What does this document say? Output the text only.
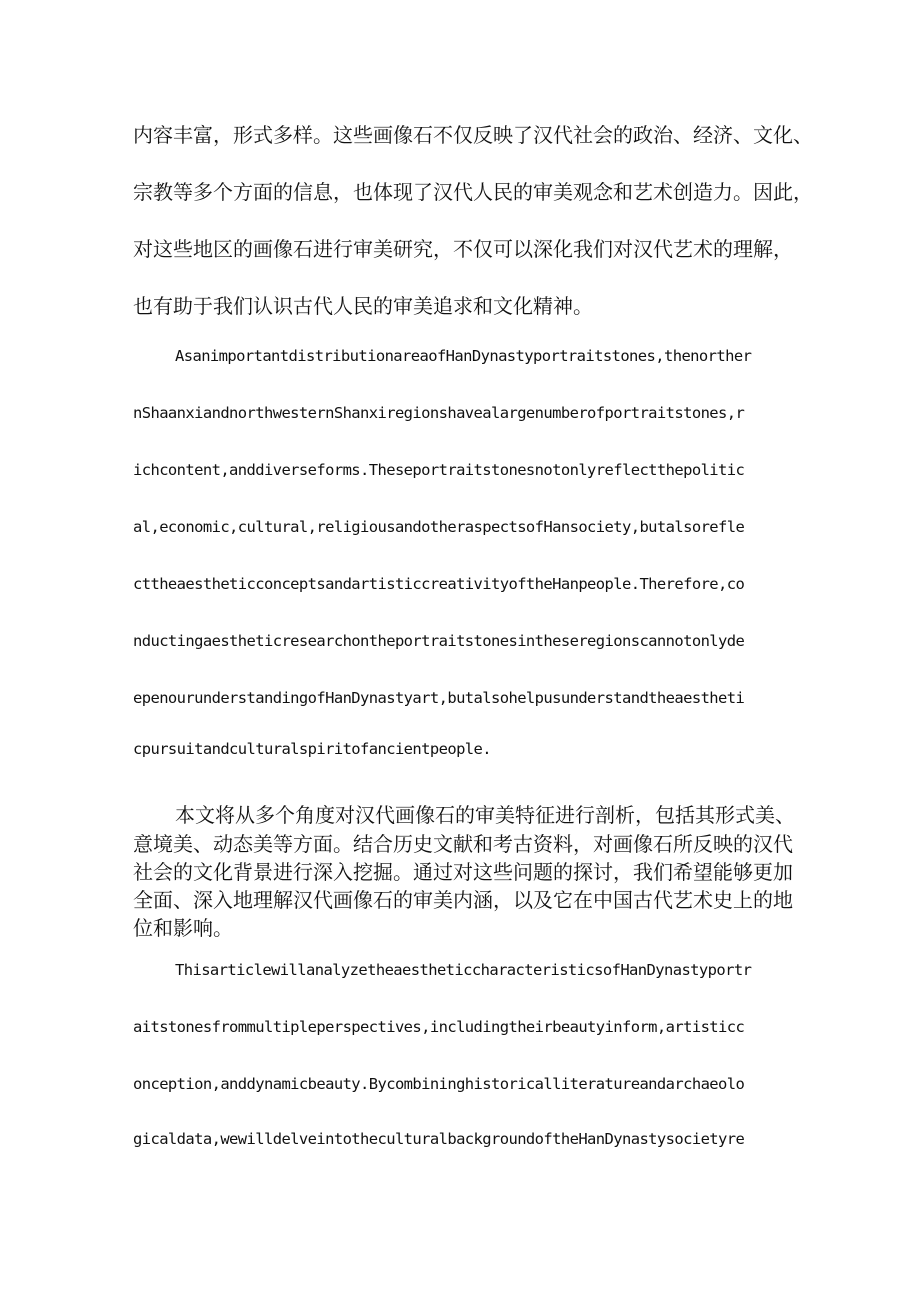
内容丰富，形式多样。这些画像石不仅反映了汉代社会的政治、经济、文化、
宗教等多个方面的信息，也体现了汉代人民的审美观念和艺术创造力。因此，
对这些地区的画像石进行审美研究，不仅可以深化我们对汉代艺术的理解，
也有助于我们认识古代人民的审美追求和文化精神。
AsanimportantdistributionareaofHanDynastyportraitstones,thenorther
nShaanxiandnorthwesternShanxiregionshavealargenumberofportraitstones,r
ichcontent,anddiverseforms.Theseportraitstonesnotonlyreflectthepolitic
al,economic,cultural,religiousandotheraspectsofHansociety,butalsorefle
cttheaestheticconceptsandartisticcreativityoftheHanpeople.Therefore,co
nductingaestheticresearchontheportraitstonesintheseregionscannotonlyde
epenourunderstandingofHanDynastyart,butalsohelpusunderstandtheaestheti
cpursuitandculturalspiritofancientpeople.
本文将从多个角度对汉代画像石的审美特征进行剖析，包括其形式美、
意境美、动态美等方面。结合历史文献和考古资料，对画像石所反映的汉代
社会的文化背景进行深入挖掘。通过对这些问题的探讨，我们希望能够更加
全面、深入地理解汉代画像石的审美内涵，以及它在中国古代艺术史上的地
位和影响。
ThisarticlewillanalyzetheaestheticcharacteristicsofHanDynastyportr
aitstonesfrommultipleperspectives,includingtheirbeautyinform,artisticc
onception,anddynamicbeauty.Bycombininghistoricalliteratureandarchaeolo
gicaldata,wewilldelveintotheculturalbackgroundoftheHanDynastysocietyre
